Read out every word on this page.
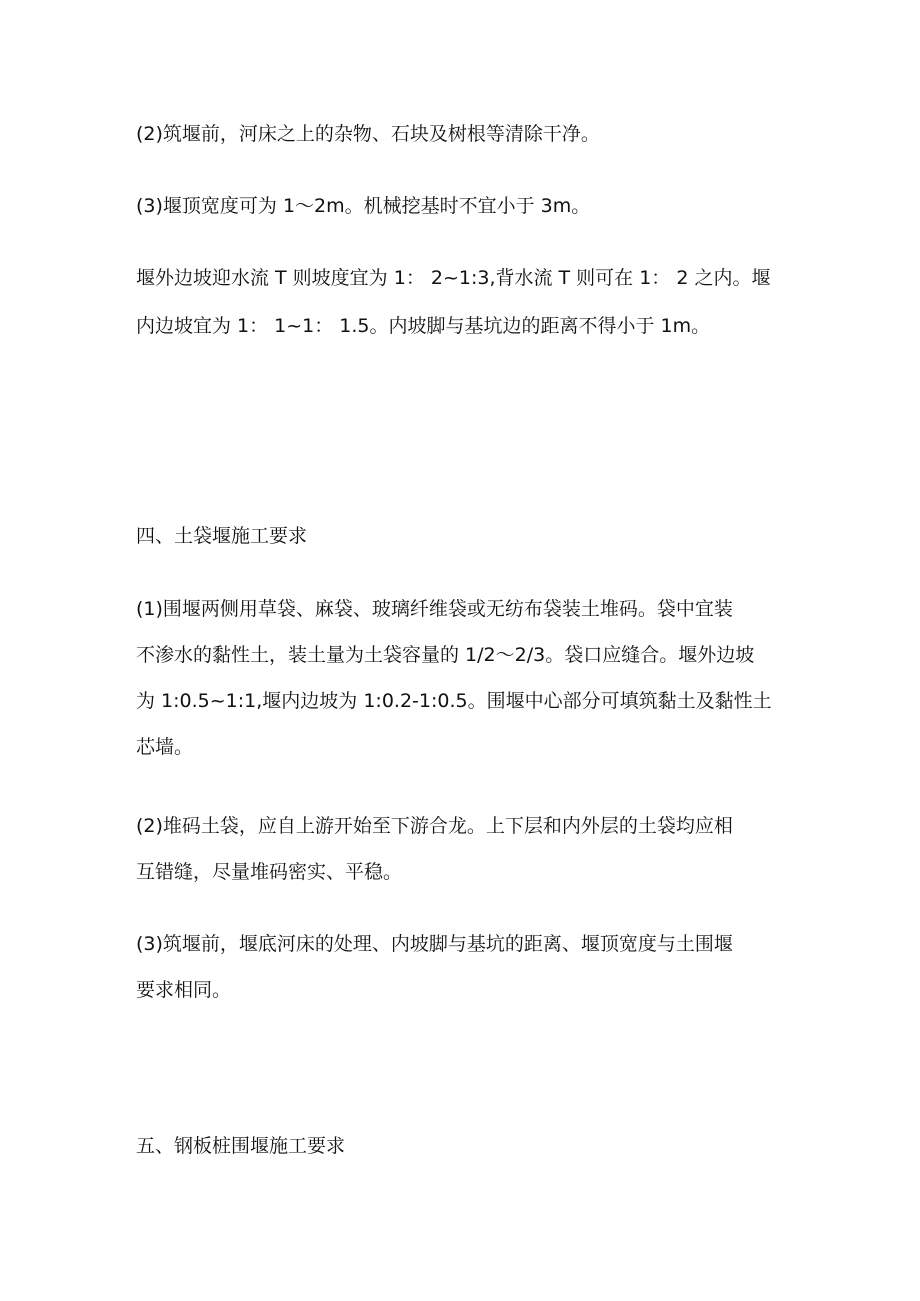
(2)筑堰前，河床之上的杂物、石块及树根等清除干净。

(3)堰顶宽度可为 1～2m。机械挖基时不宜小于 3m。

堰外边坡迎水流 T 则坡度宜为 1： 2~1:3,背水流 T 则可在 1： 2 之内。堰
内边坡宜为 1： 1~1： 1.5。内坡脚与基坑边的距离不得小于 1m。

四、土袋堰施工要求

(1)围堰两侧用草袋、麻袋、玻璃纤维袋或无纺布袋装土堆码。袋中宜装
不渗水的黏性土，装土量为土袋容量的 1/2～2/3。袋口应缝合。堰外边坡
为 1:0.5~1:1,堰内边坡为 1:0.2-1:0.5。围堰中心部分可填筑黏土及黏性土
芯墙。

(2)堆码土袋，应自上游开始至下游合龙。上下层和内外层的土袋均应相
互错缝，尽量堆码密实、平稳。

(3)筑堰前，堰底河床的处理、内坡脚与基坑的距离、堰顶宽度与土围堰
要求相同。

五、钢板桩围堰施工要求
